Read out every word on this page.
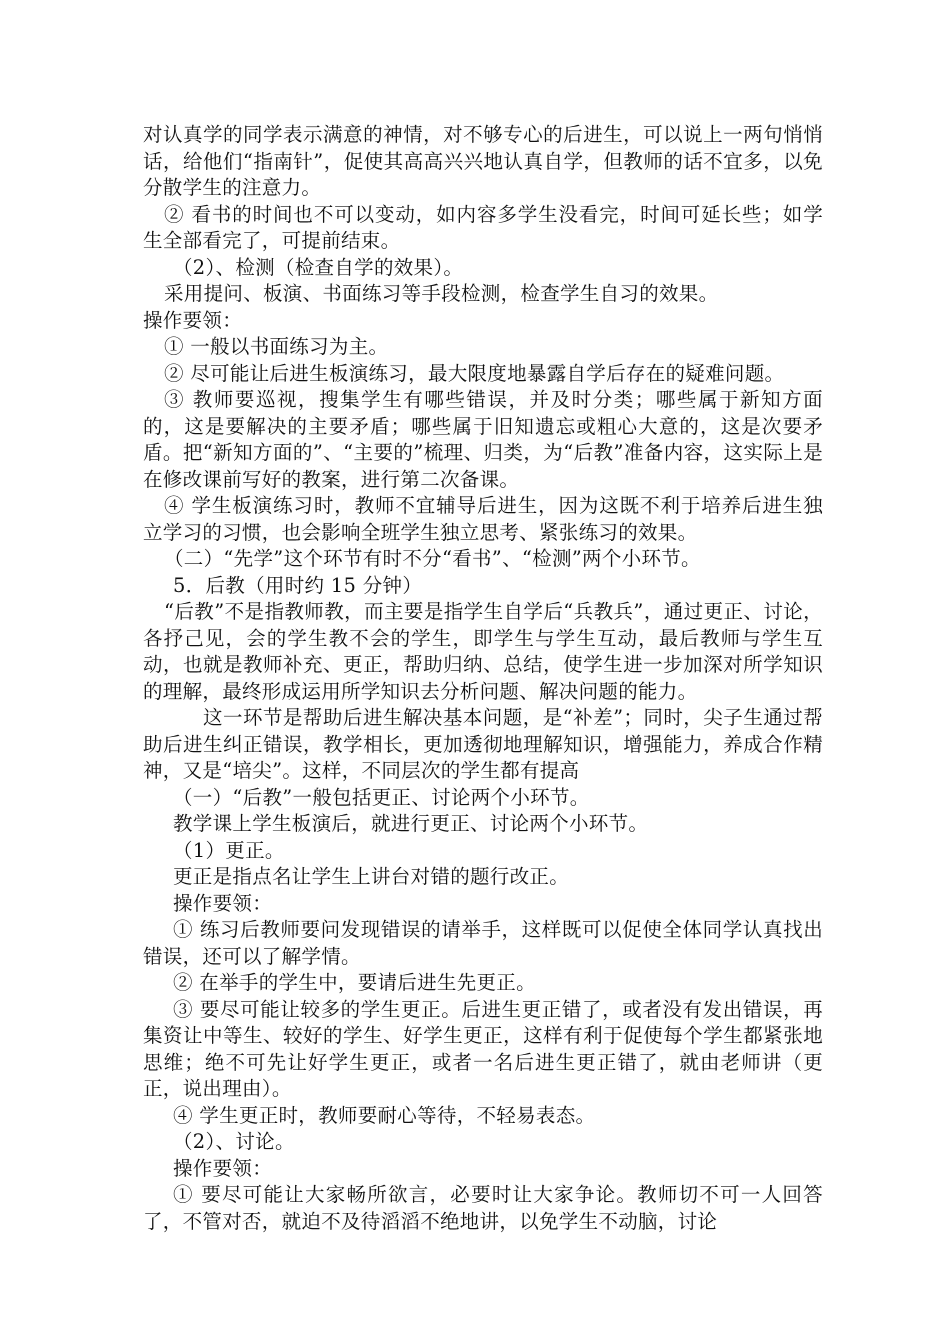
对认真学的同学表示满意的神情，对不够专心的后进生，可以说上一两句悄悄话，给他们“指南针”，促使其高高兴兴地认真自学，但教师的话不宜多，以免分散学生的注意力。

② 看书的时间也不可以变动，如内容多学生没看完，时间可延长些；如学生全部看完了，可提前结束。

（2）、检测（检查自学的效果）。

采用提问、板演、书面练习等手段检测，检查学生自习的效果。

操作要领：

① 一般以书面练习为主。

② 尽可能让后进生板演练习，最大限度地暴露自学后存在的疑难问题。

③ 教师要巡视，搜集学生有哪些错误，并及时分类；哪些属于新知方面的，这是要解决的主要矛盾；哪些属于旧知遗忘或粗心大意的，这是次要矛盾。把“新知方面的”、“主要的”梳理、归类，为“后教”准备内容，这实际上是在修改课前写好的教案，进行第二次备课。

④ 学生板演练习时，教师不宜辅导后进生，因为这既不利于培养后进生独立学习的习惯，也会影响全班学生独立思考、紧张练习的效果。

（二）“先学”这个环节有时不分“看书”、“检测”两个小环节。

5．后教（用时约 15 分钟）

“后教”不是指教师教，而主要是指学生自学后“兵教兵”，通过更正、讨论，各抒己见，会的学生教不会的学生，即学生与学生互动，最后教师与学生互动，也就是教师补充、更正，帮助归纳、总结，使学生进一步加深对所学知识的理解，最终形成运用所学知识去分析问题、解决问题的能力。

这一环节是帮助后进生解决基本问题，是“补差”；同时，尖子生通过帮助后进生纠正错误，教学相长，更加透彻地理解知识，增强能力，养成合作精神，又是“培尖”。这样，不同层次的学生都有提高

（一）“后教”一般包括更正、讨论两个小环节。

教学课上学生板演后，就进行更正、讨论两个小环节。

（1）更正。

更正是指点名让学生上讲台对错的题行改正。

操作要领：

① 练习后教师要问发现错误的请举手，这样既可以促使全体同学认真找出错误，还可以了解学情。

② 在举手的学生中，要请后进生先更正。

③ 要尽可能让较多的学生更正。后进生更正错了，或者没有发出错误，再集资让中等生、较好的学生、好学生更正，这样有利于促使每个学生都紧张地思维；绝不可先让好学生更正，或者一名后进生更正错了，就由老师讲（更正，说出理由）。

④ 学生更正时，教师要耐心等待，不轻易表态。

（2）、讨论。

操作要领：

① 要尽可能让大家畅所欲言，必要时让大家争论。教师切不可一人回答了，不管对否，就迫不及待滔滔不绝地讲，以免学生不动脑，讨论
